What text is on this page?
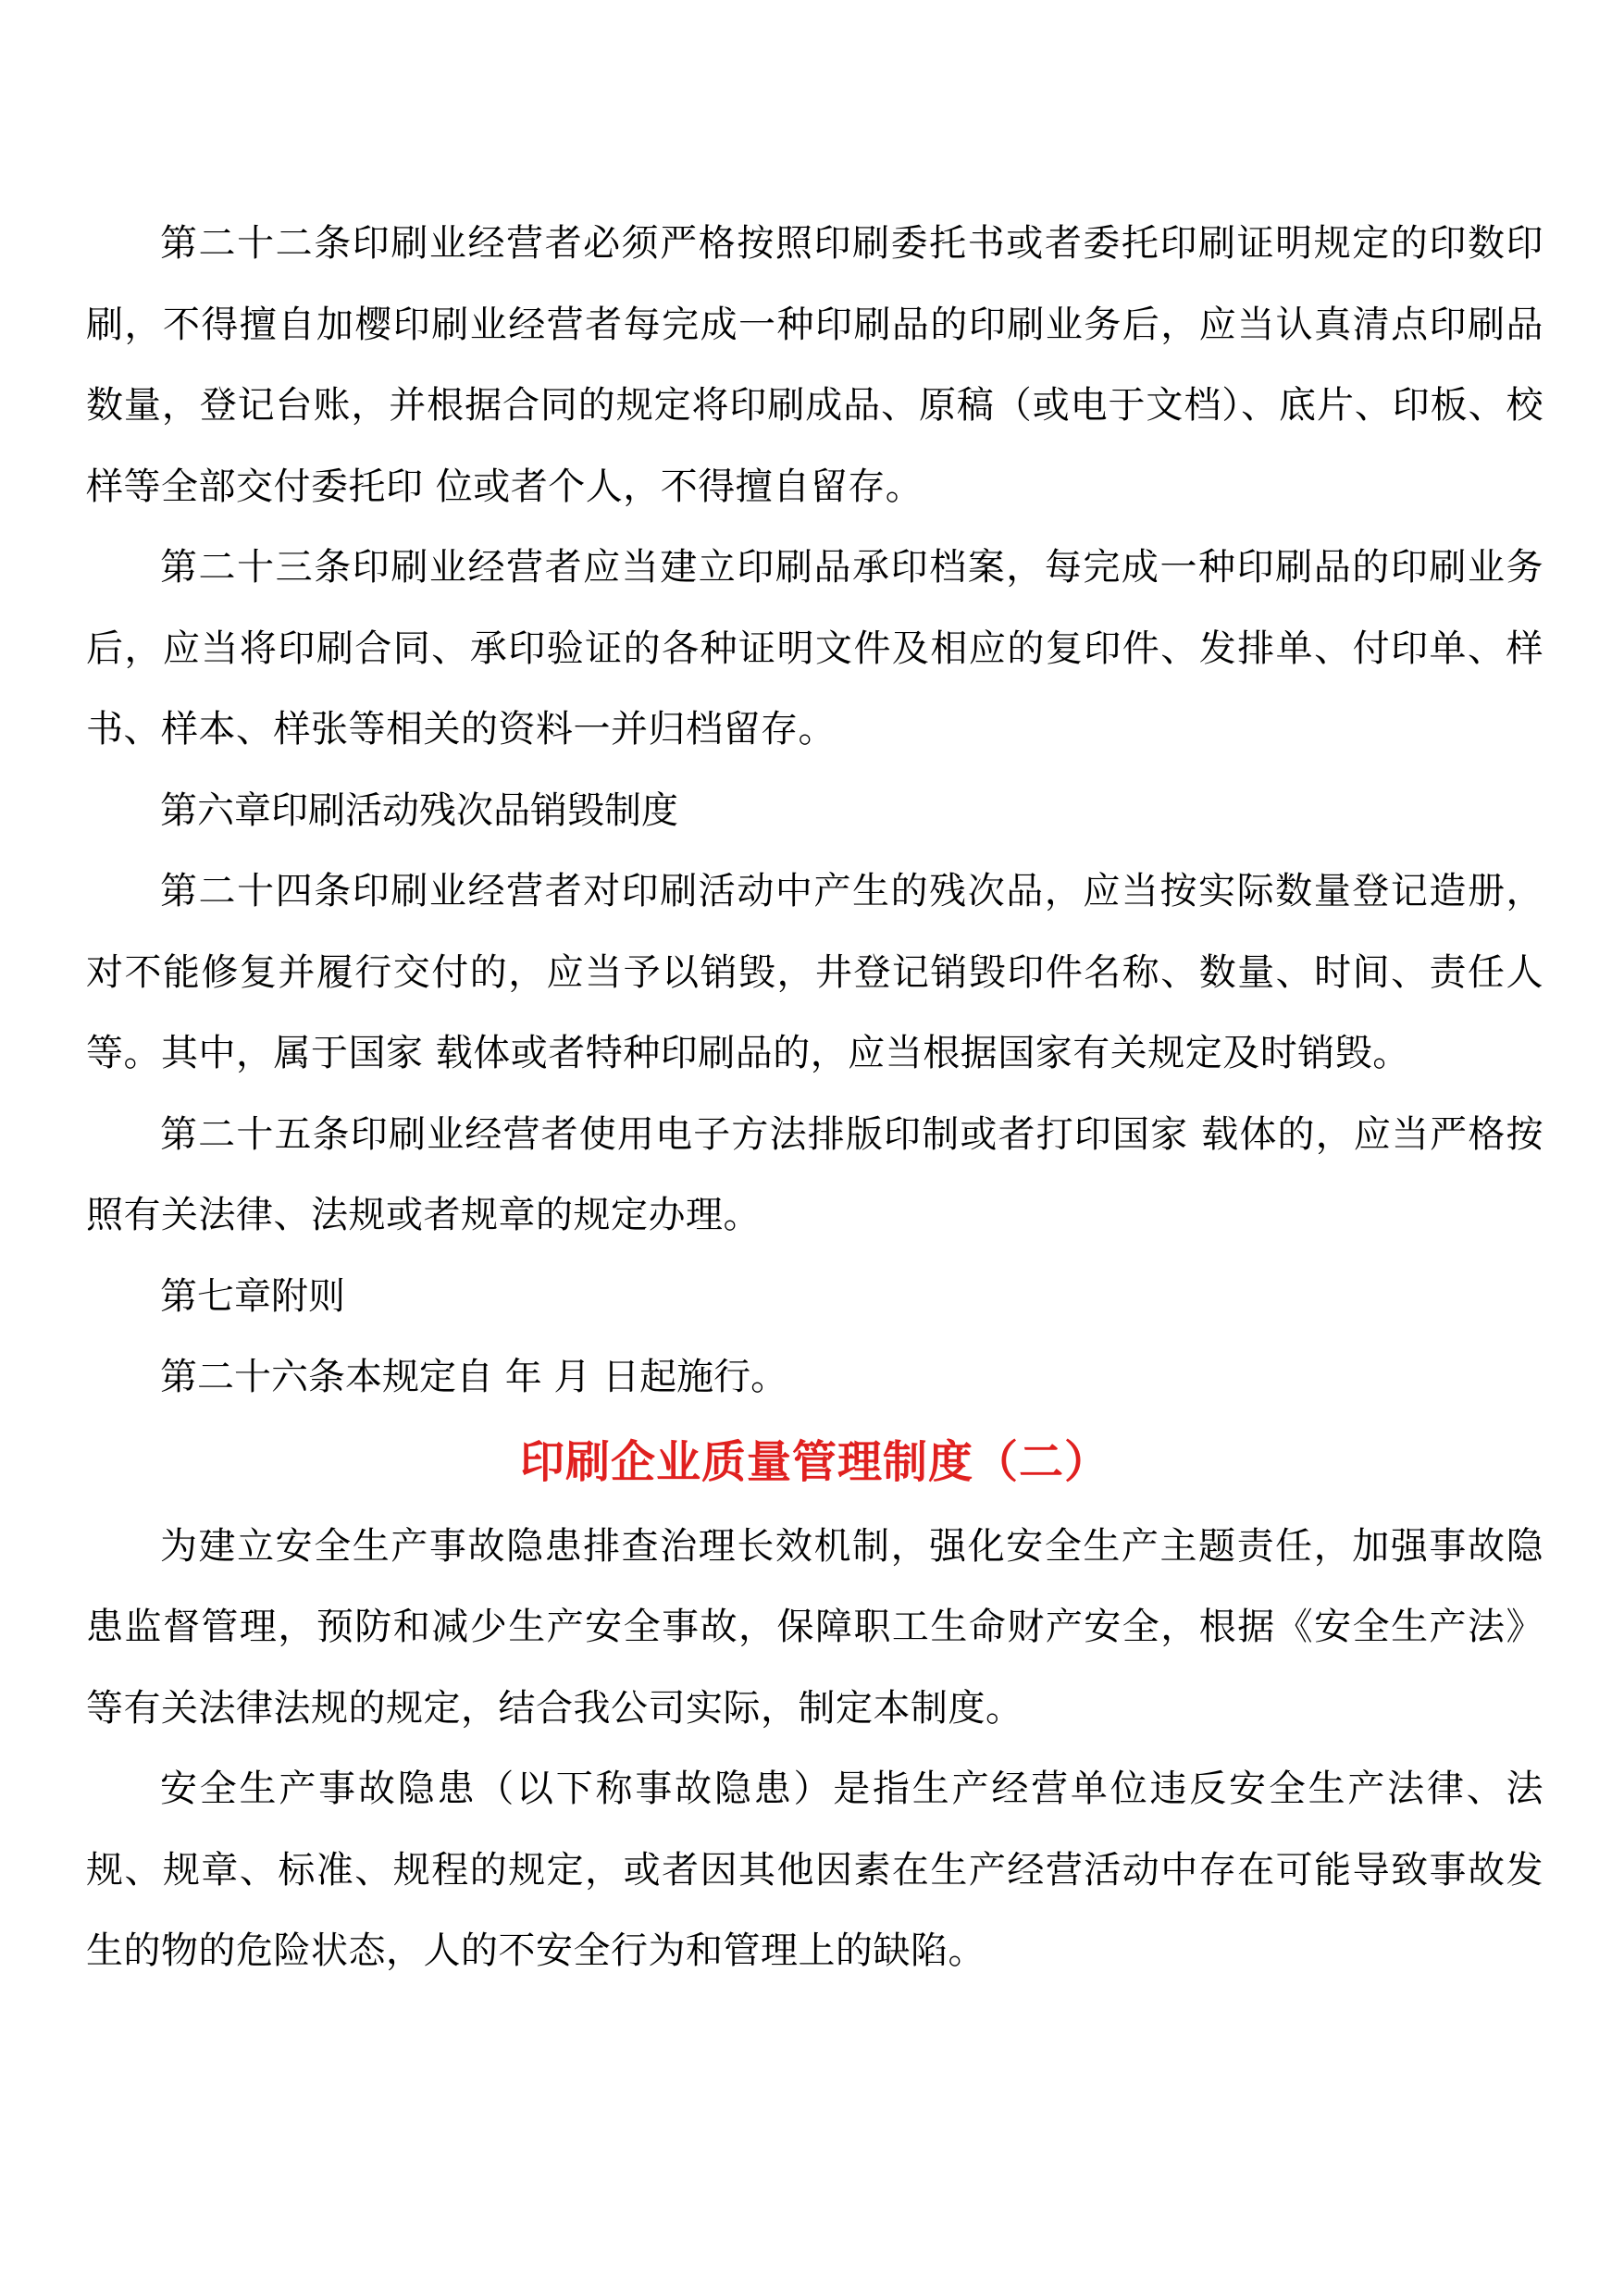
第二十二条印刷业经营者必须严格按照印刷委托书或者委托印刷证明规定的印数印刷，不得擅自加樱印刷业经营者每完成一种印刷品的印刷业务后，应当认真清点印刷品数量，登记台账，并根据合同的规定将印刷成品、原稿（或电于文档）、底片、印板、校样等全部交付委托印 位或者个人，不得擅自留存。

第二十三条印刷业经营者应当建立印刷品承印档案，每完成一种印刷品的印刷业务后，应当将印刷合同、承印验证的各种证明文件及相应的复印件、发排单、付印单、样书、样本、样张等相关的资料一并归档留存。

第六章印刷活动残次品销毁制度

第二十四条印刷业经营者对印刷活动中产生的残次品，应当按实际数量登记造册，对不能修复并履行交付的，应当予以销毁，井登记销毁印件名称、数量、时间、责任人等。其中，属于国家 载体或者特种印刷品的，应当根据国家有关规定及时销毁。

第二十五条印刷业经营者使用电子方法排版印制或者打印国家 载体的，应当严格按照有关法律、法规或者规章的规定办理。

第七章附则

第二十六条本规定自 年 月 日起施行。

印刷企业质量管理制度（二）

为建立安全生产事故隐患排查治理长效机制，强化安全生产主题责任，加强事故隐患监督管理，预防和减少生产安全事故，保障职工生命财产安全，根据《安全生产法》等有关法律法规的规定，结合我公司实际，制定本制度。

安全生产事故隐患（以下称事故隐患）是指生产经营单位违反安全生产法律、法规、规章、标准、规程的规定，或者因其他因素在生产经营活动中存在可能导致事故发生的物的危险状态，人的不安全行为和管理上的缺陷。
